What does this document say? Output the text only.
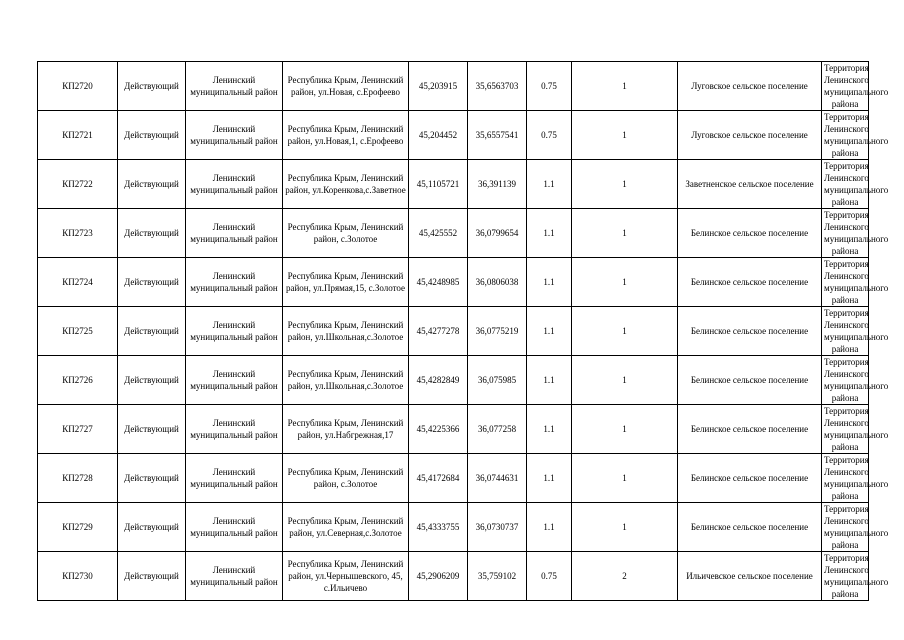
КП2720	Действующий	Ленинский муниципальный район	Республика Крым, Ленинский район, ул.Новая, с.Ерофеево	45,203915	35,6563703	0.75	1	Луговское сельское поселение	Территория Ленинского муниципального района
КП2721	Действующий	Ленинский муниципальный район	Республика Крым, Ленинский район, ул.Новая,1, с.Ерофеево	45,204452	35,6557541	0.75	1	Луговское сельское поселение	Территория Ленинского муниципального района
КП2722	Действующий	Ленинский муниципальный район	Республика Крым, Ленинский район, ул.Коренкова,с.Заветное	45,1105721	36,391139	1.1	1	Заветненское сельское поселение	Территория Ленинского муниципального района
КП2723	Действующий	Ленинский муниципальный район	Республика Крым, Ленинский район, с.Золотое	45,425552	36,0799654	1.1	1	Белинское сельское поселение	Территория Ленинского муниципального района
КП2724	Действующий	Ленинский муниципальный район	Республика Крым, Ленинский район, ул.Прямая,15, с.Золотое	45,4248985	36,0806038	1.1	1	Белинское сельское поселение	Территория Ленинского муниципального района
КП2725	Действующий	Ленинский муниципальный район	Республика Крым, Ленинский район, ул.Школьная,с.Золотое	45,4277278	36,0775219	1.1	1	Белинское сельское поселение	Территория Ленинского муниципального района
КП2726	Действующий	Ленинский муниципальный район	Республика Крым, Ленинский район, ул.Школьная,с.Золотое	45,4282849	36,075985	1.1	1	Белинское сельское поселение	Территория Ленинского муниципального района
КП2727	Действующий	Ленинский муниципальный район	Республика Крым, Ленинский район, ул.Набгрежная,17	45,4225366	36,077258	1.1	1	Белинское сельское поселение	Территория Ленинского муниципального района
КП2728	Действующий	Ленинский муниципальный район	Республика Крым, Ленинский район, с.Золотое	45,4172684	36,0744631	1.1	1	Белинское сельское поселение	Территория Ленинского муниципального района
КП2729	Действующий	Ленинский муниципальный район	Республика Крым, Ленинский район, ул.Северная,с.Золотое	45,4333755	36,0730737	1.1	1	Белинское сельское поселение	Территория Ленинского муниципального района
КП2730	Действующий	Ленинский муниципальный район	Республика Крым, Ленинский район, ул.Чернышевского, 45, с.Ильичево	45,2906209	35,759102	0.75	2	Ильичевское сельское поселение	Территория Ленинского муниципального района
